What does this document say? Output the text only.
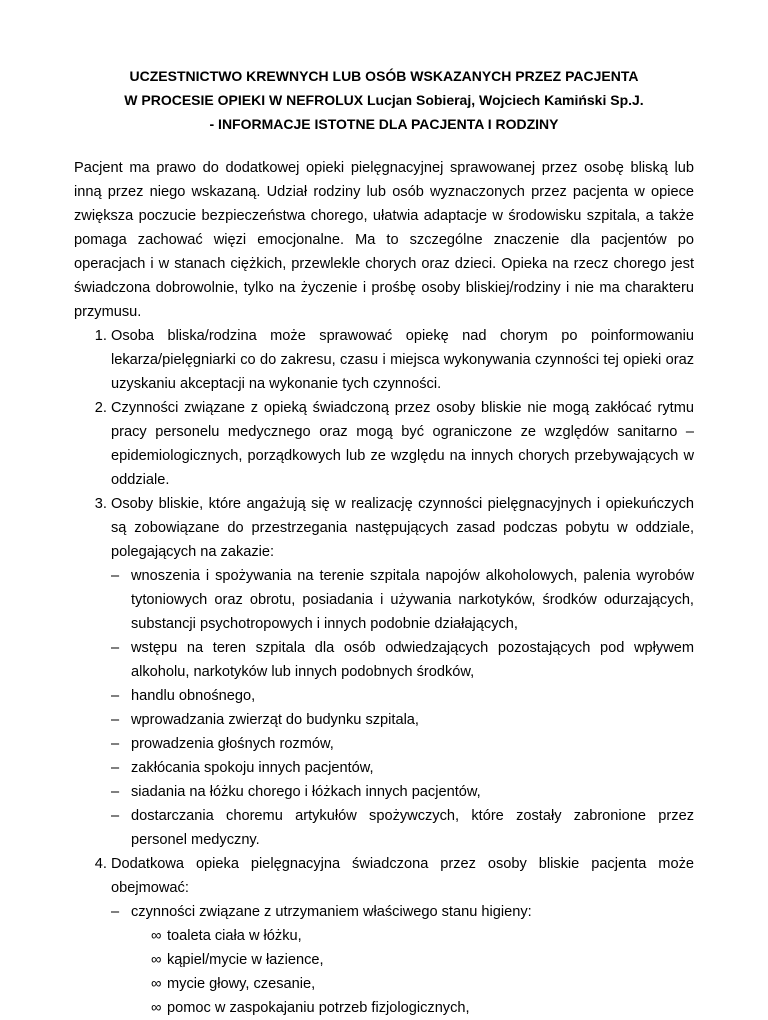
UCZESTNICTWO KREWNYCH LUB OSÓB WSKAZANYCH PRZEZ PACJENTA
W PROCESIE OPIEKI W NEFROLUX Lucjan Sobieraj, Wojciech Kamiński Sp.J.
- INFORMACJE ISTOTNE DLA PACJENTA I RODZINY

Pacjent ma prawo do dodatkowej opieki pielęgnacyjnej sprawowanej przez osobę bliską lub inną przez niego wskazaną. Udział rodziny lub osób wyznaczonych przez pacjenta w opiece zwiększa poczucie bezpieczeństwa chorego, ułatwia adaptacje w środowisku szpitala, a także pomaga zachować więzi emocjonalne. Ma to szczególne znaczenie dla pacjentów po operacjach i w stanach ciężkich, przewlekle chorych oraz dzieci. Opieka na rzecz chorego jest świadczona dobrowolnie, tylko na życzenie i prośbę osoby bliskiej/rodziny i nie ma charakteru przymusu.

1. Osoba bliska/rodzina może sprawować opiekę nad chorym po poinformowaniu lekarza/pielęgniarki co do zakresu, czasu i miejsca wykonywania czynności tej opieki oraz uzyskaniu akceptacji na wykonanie tych czynności.
2. Czynności związane z opieką świadczoną przez osoby bliskie nie mogą zakłócać rytmu pracy personelu medycznego oraz mogą być ograniczone ze względów sanitarno – epidemiologicznych, porządkowych lub ze względu na innych chorych przebywających w oddziale.
3. Osoby bliskie, które angażują się w realizację czynności pielęgnacyjnych i opiekuńczych są zobowiązane do przestrzegania następujących zasad podczas pobytu w oddziale, polegających na zakazie:
– wnoszenia i spożywania na terenie szpitala napojów alkoholowych, palenia wyrobów tytoniowych oraz obrotu, posiadania i używania narkotyków, środków odurzających, substancji psychotropowych i innych podobnie działających,
– wstępu na teren szpitala dla osób odwiedzających pozostających pod wpływem alkoholu, narkotyków lub innych podobnych środków,
– handlu obnośnego,
– wprowadzania zwierząt do budynku szpitala,
– prowadzenia głośnych rozmów,
– zakłócania spokoju innych pacjentów,
– siadania na łóżku chorego i łóżkach innych pacjentów,
– dostarczania choremu artykułów spożywczych, które zostały zabronione przez personel medyczny.
4. Dodatkowa opieka pielęgnacyjna świadczona przez osoby bliskie pacjenta może obejmować:
– czynności związane z utrzymaniem właściwego stanu higieny:
∞ toaleta ciała w łóżku,
∞ kąpiel/mycie w łazience,
∞ mycie głowy, czesanie,
∞ pomoc w zaspokajaniu potrzeb fizjologicznych,
